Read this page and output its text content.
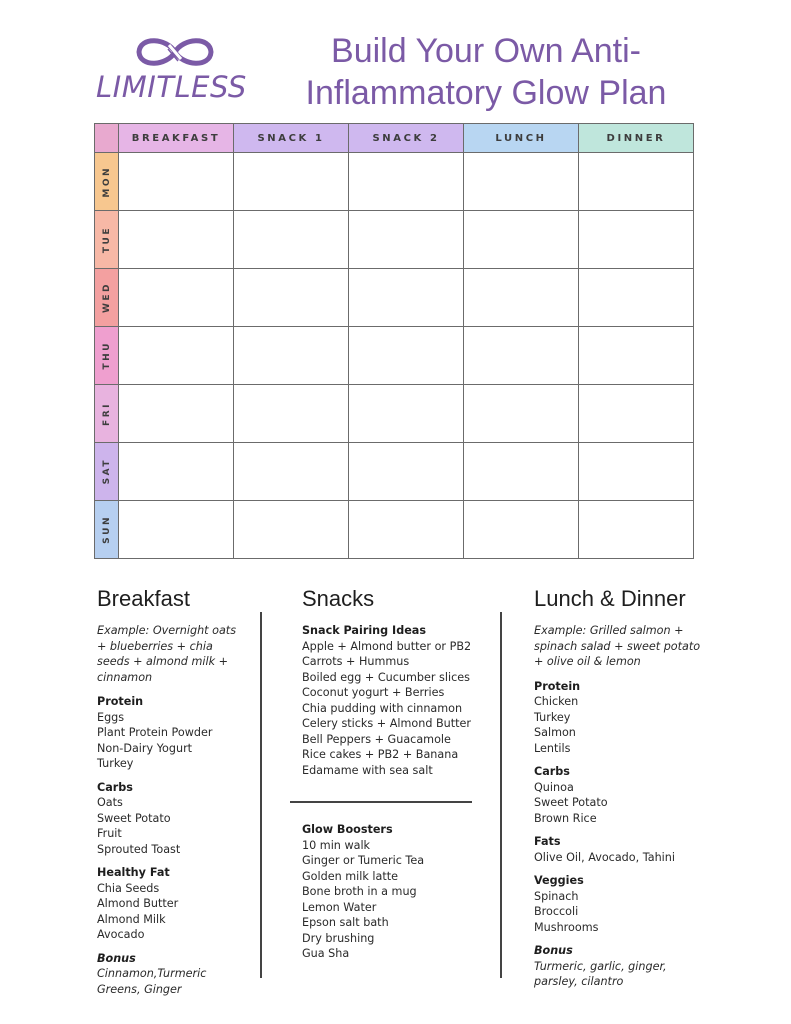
LIMITLESS
Build Your Own Anti-Inflammatory Glow Plan
	BREAKFAST	SNACK 1	SNACK 2	LUNCH	DINNER

MON					

TUE					

WED					

THU					

FRI					

SAT					

SUN					

Breakfast
Example: Overnight oats + blueberries + chia seeds + almond milk + cinnamon
Protein
Eggs
Plant Protein Powder
Non-Dairy Yogurt
Turkey
Carbs
Oats
Sweet Potato
Fruit
Sprouted Toast
Healthy Fat
Chia Seeds
Almond Butter
Almond Milk
Avocado
Bonus
Cinnamon,Turmeric Greens, Ginger
Snacks
Snack Pairing Ideas
Apple + Almond butter or PB2
Carrots + Hummus
Boiled egg + Cucumber slices
Coconut yogurt + Berries
Chia pudding with cinnamon
Celery sticks + Almond Butter
Bell Peppers + Guacamole
Rice cakes + PB2 + Banana
Edamame with sea salt
Glow Boosters
10 min walk
Ginger or Tumeric Tea
Golden milk latte
Bone broth in a mug
Lemon Water
Epson salt bath
Dry brushing
Gua Sha
Lunch & Dinner
Example: Grilled salmon + spinach salad + sweet potato + olive oil & lemon
Protein
Chicken
Turkey
Salmon
Lentils
Carbs
Quinoa
Sweet Potato
Brown Rice
Fats
Olive Oil, Avocado, Tahini
Veggies
Spinach
Broccoli
Mushrooms
Bonus
Turmeric, garlic, ginger, parsley, cilantro
